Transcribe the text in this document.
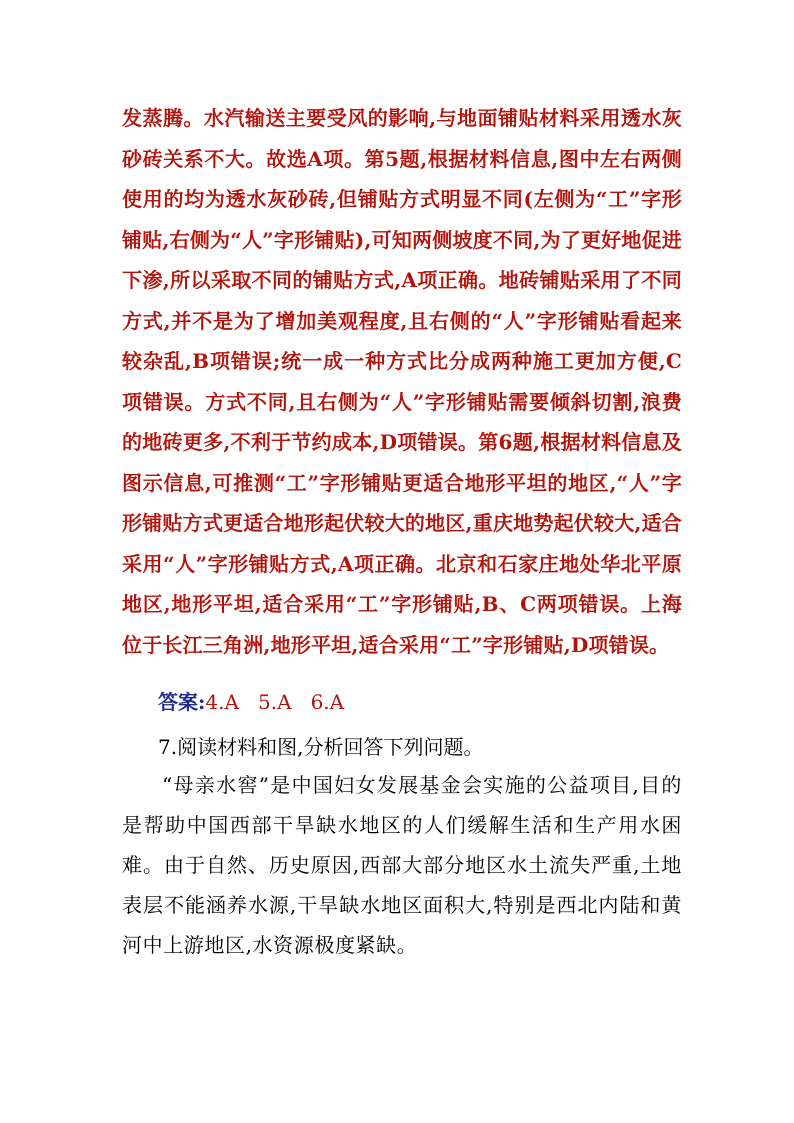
发蒸腾。水汽输送主要受风的影响,与地面铺贴材料采用透水灰砂砖关系不大。故选A项。第5题,根据材料信息,图中左右两侧使用的均为透水灰砂砖,但铺贴方式明显不同(左侧为“工”字形铺贴,右侧为“人”字形铺贴),可知两侧坡度不同,为了更好地促进下渗,所以采取不同的铺贴方式,A项正确。地砖铺贴采用了不同方式,并不是为了增加美观程度,且右侧的“人”字形铺贴看起来较杂乱,B项错误;统一成一种方式比分成两种施工更加方便,C项错误。方式不同,且右侧为“人”字形铺贴需要倾斜切割,浪费的地砖更多,不利于节约成本,D项错误。第6题,根据材料信息及图示信息,可推测“工”字形铺贴更适合地形平坦的地区,“人”字形铺贴方式更适合地形起伏较大的地区,重庆地势起伏较大,适合采用“人”字形铺贴方式,A项正确。北京和石家庄地处华北平原地区,地形平坦,适合采用“工”字形铺贴,B、C两项错误。上海位于长江三角洲,地形平坦,适合采用“工”字形铺贴,D项错误。
答案:4.A   5.A   6.A
7.阅读材料和图,分析回答下列问题。
“母亲水窖”是中国妇女发展基金会实施的公益项目,目的是帮助中国西部干旱缺水地区的人们缓解生活和生产用水困难。由于自然、历史原因,西部大部分地区水土流失严重,土地表层不能涵养水源,干旱缺水地区面积大,特别是西北内陆和黄河中上游地区,水资源极度紧缺。
